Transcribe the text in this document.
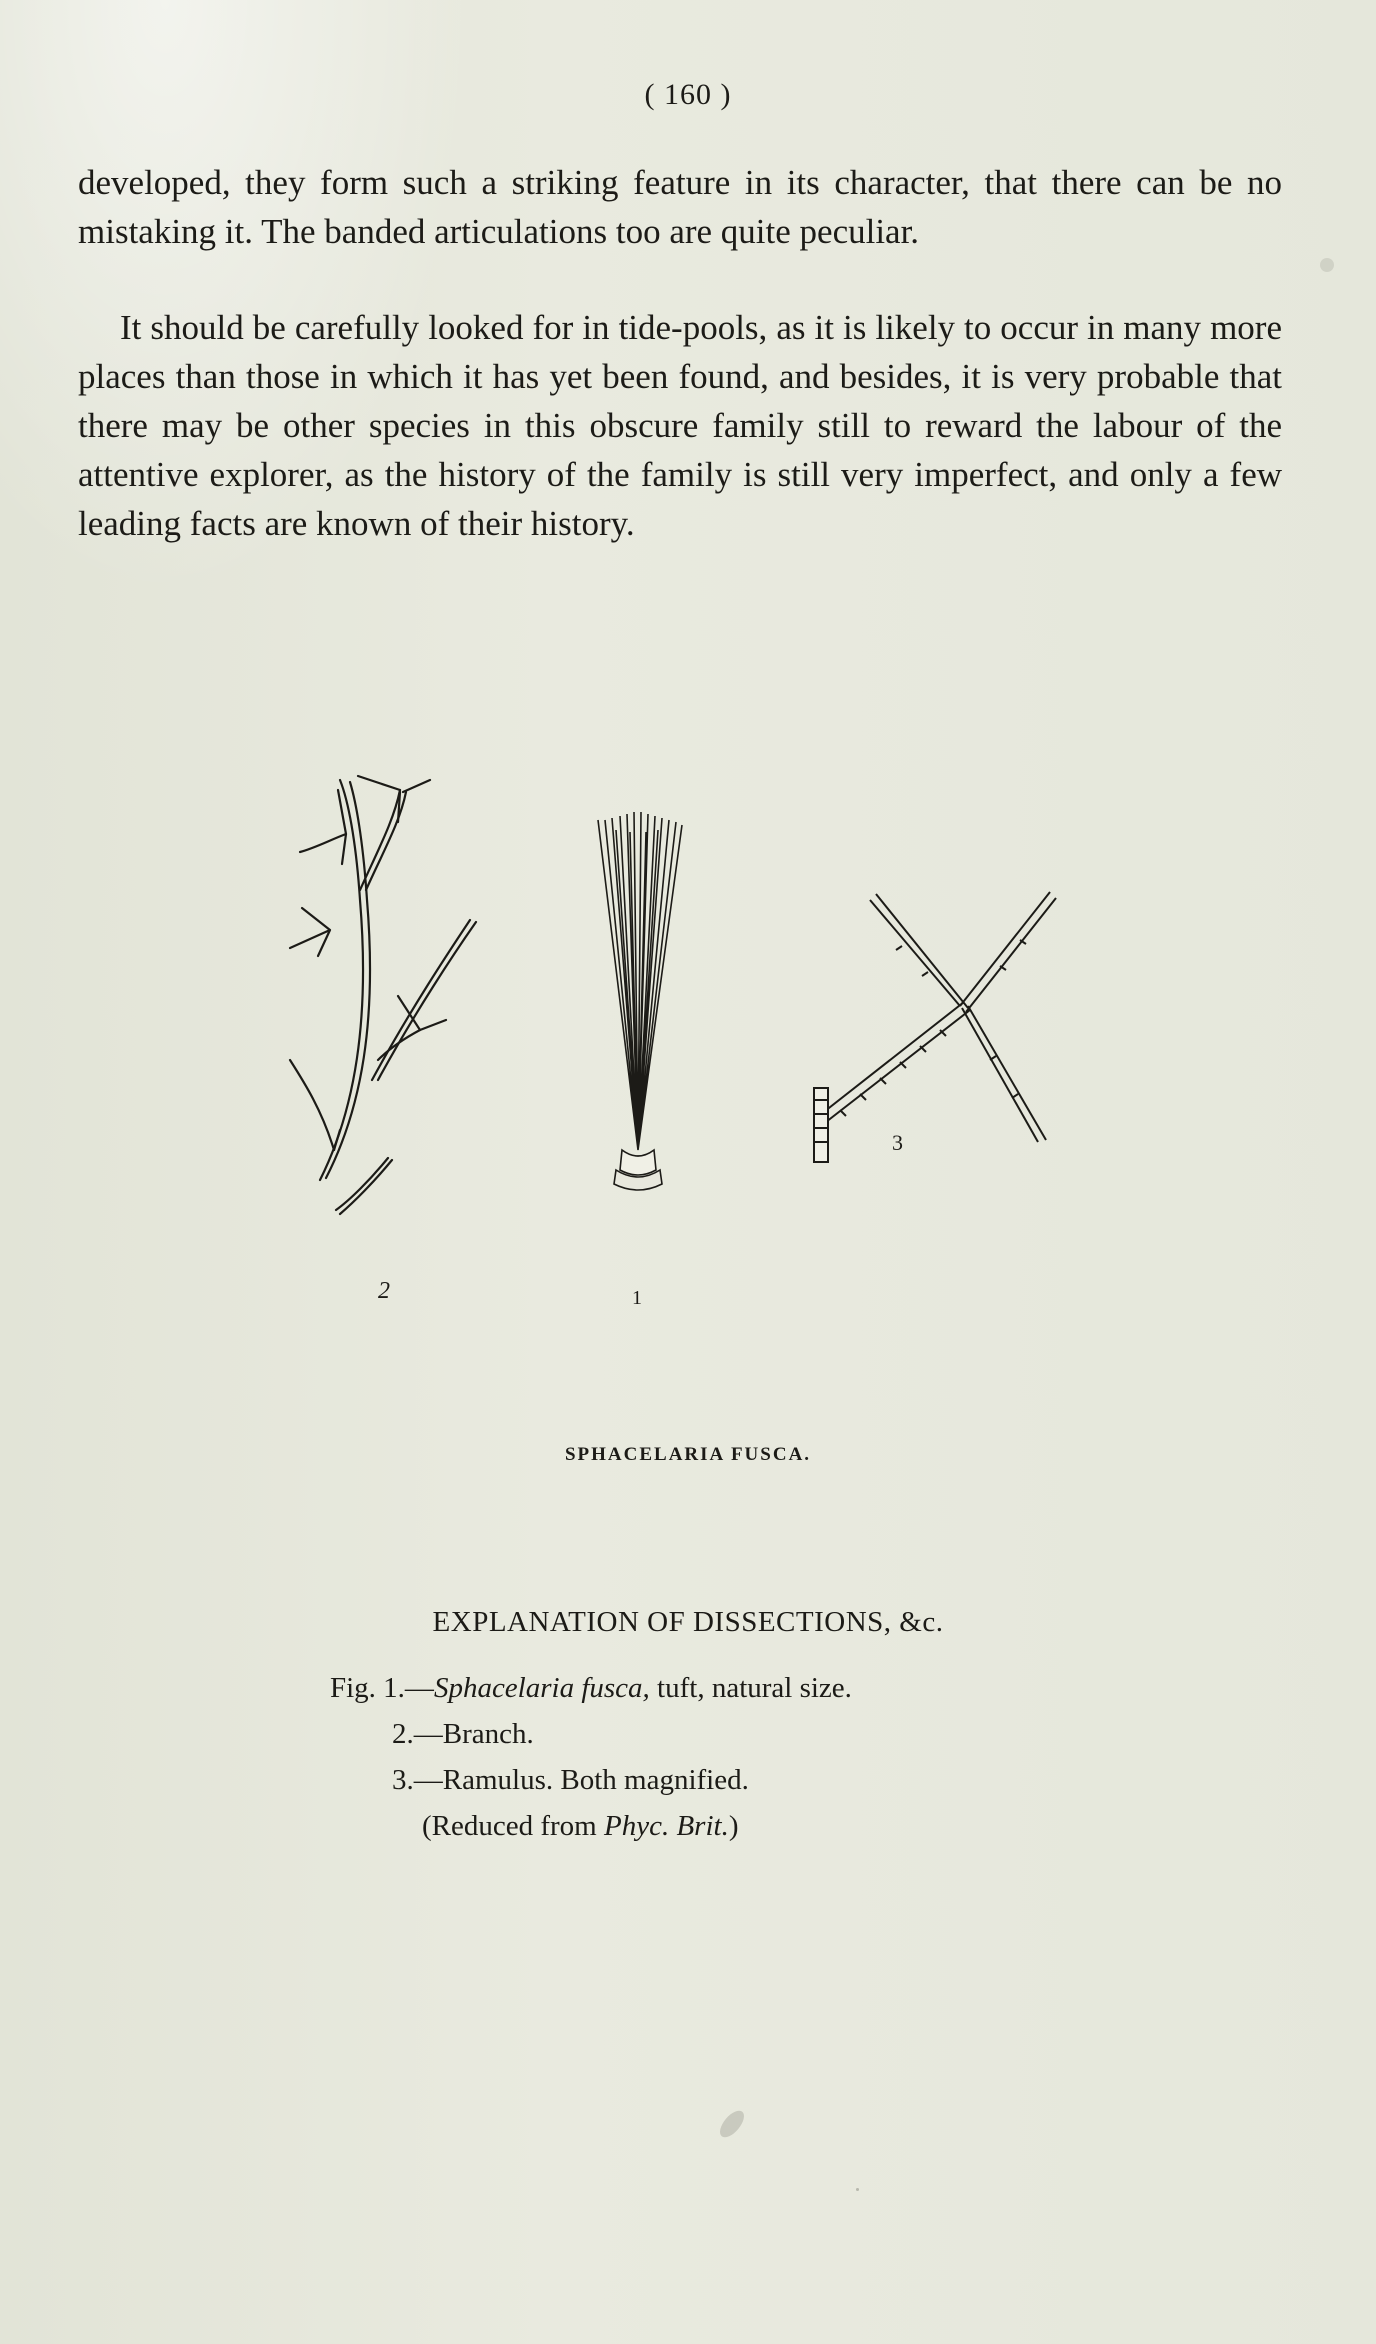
( 160 )

developed, they form such a striking feature in its character, that there can be no mistaking it. The banded articulations too are quite peculiar.

It should be carefully looked for in tide-pools, as it is likely to occur in many more places than those in which it has yet been found, and besides, it is very probable that there may be other species in this obscure family still to reward the labour of the attentive explorer, as the history of the family is still very imperfect, and only a few leading facts are known of their history.

2	1
3
SPHACELARIA FUSCA.
EXPLANATION OF DISSECTIONS, &c.
Fig. 1.—Sphacelaria fusca, tuft, natural size.
2.—Branch.
3.—Ramulus. Both magnified.
(Reduced from Phyc. Brit.)
